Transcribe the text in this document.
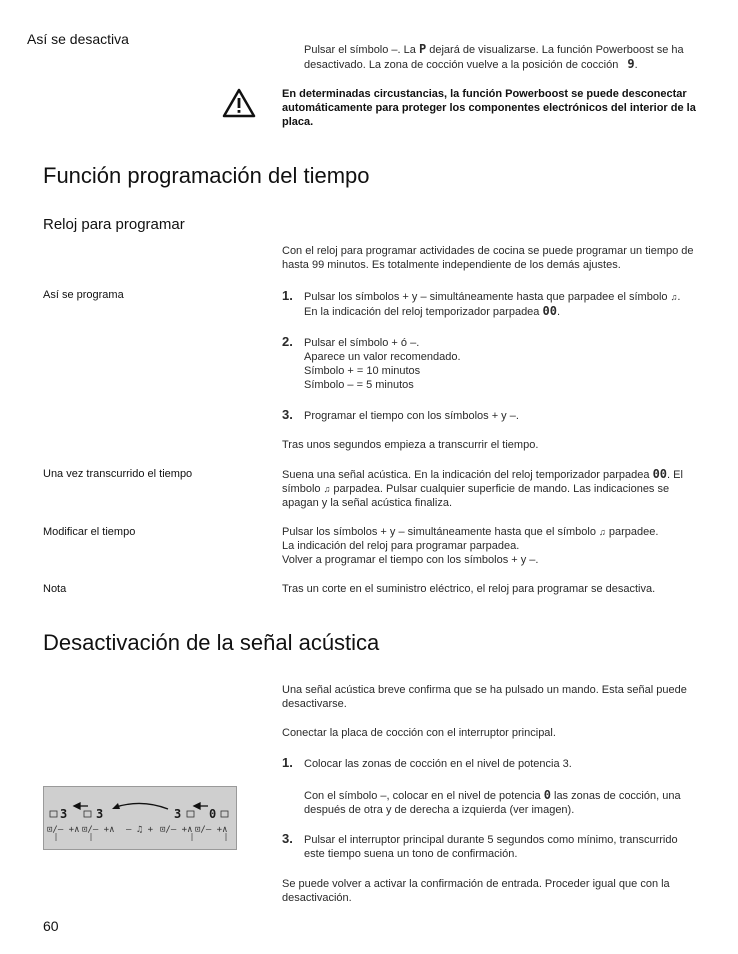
Así se desactiva
Pulsar el símbolo –. La P dejará de visualizarse. La función Powerboost se ha
desactivado. La zona de cocción vuelve a la posición de cocción 9.
En determinadas circustancias, la función Powerboost se puede desconectar automáticamente para proteger los componentes electrónicos del interior de la placa.
Función programación del tiempo
Reloj para programar
Con el reloj para programar actividades de cocina se puede programar un tiempo de hasta 99 minutos. Es totalmente independiente de los demás ajustes.
Así se programa	1. Pulsar los símbolos + y – simultáneamente hasta que parpadee el símbolo ♫.
En la indicación del reloj temporizador parpadea 00.
2. Pulsar el símbolo + ó –.
Aparece un valor recomendado.
Símbolo + = 10 minutos
Símbolo – = 5 minutos
3. Programar el tiempo con los símbolos + y –.
Tras unos segundos empieza a transcurrir el tiempo.
Una vez transcurrido el tiempo	Suena una señal acústica. En la indicación del reloj temporizador parpadea 00. El
símbolo ♫ parpadea. Pulsar cualquier superficie de mando. Las indicaciones se
apagan y la señal acústica finaliza.
Modificar el tiempo	Pulsar los símbolos + y – simultáneamente hasta que el símbolo ♫ parpadee.
La indicación del reloj para programar parpadea.
Volver a programar el tiempo con los símbolos + y –.
Nota	Tras un corte en el suministro eléctrico, el reloj para programar se desactiva.
Desactivación de la señal acústica
Una señal acústica breve confirma que se ha pulsado un mando. Esta señal puede desactivarse.
Conectar la placa de cocción con el interruptor principal.
1. Colocar las zonas de cocción en el nivel de potencia 3.
Con el símbolo –, colocar en el nivel de potencia 0 las zonas de cocción, una
después de otra y de derecha a izquierda (ver imagen).
3. Pulsar el interruptor principal durante 5 segundos como mínimo, transcurrido
este tiempo suena un tono de confirmación.
Se puede volver a activar la confirmación de entrada. Proceder igual que con la desactivación.
3 3	3 0
⊡/– +∧ ⊡/– +∧ – ♫ + ⊡/– +∧ ⊡/– +∧
60
